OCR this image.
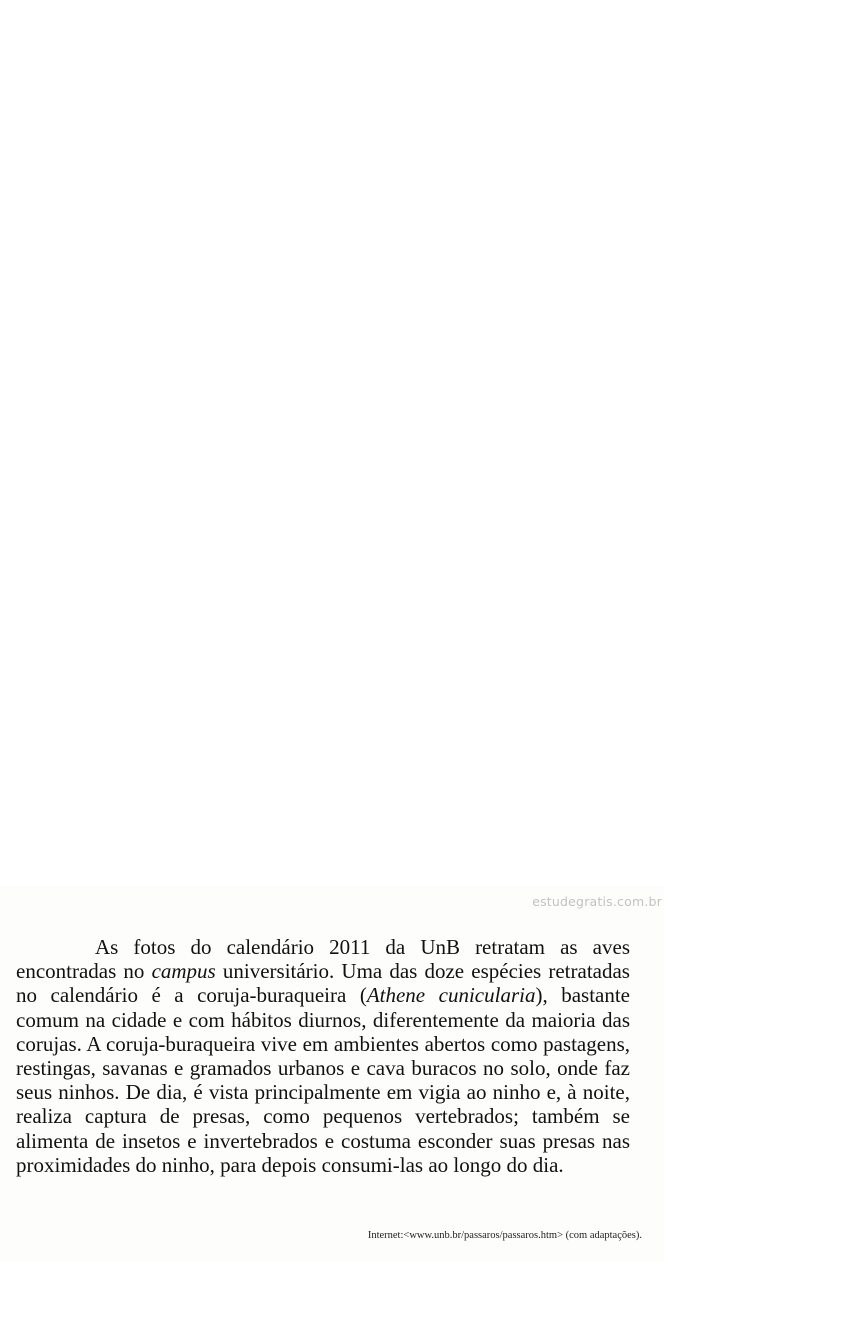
estudegratis.com.br

As fotos do calendário 2011 da UnB retratam as aves encontradas no campus universitário. Uma das doze espécies retratadas no calendário é a coruja-buraqueira (Athene cunicularia), bastante comum na cidade e com hábitos diurnos, diferentemente da maioria das corujas. A coruja-buraqueira vive em ambientes abertos como pastagens, restingas, savanas e gramados urbanos e cava buracos no solo, onde faz seus ninhos. De dia, é vista principalmente em vigia ao ninho e, à noite, realiza captura de presas, como pequenos vertebrados; também se alimenta de insetos e invertebrados e costuma esconder suas presas nas proximidades do ninho, para depois consumi-las ao longo do dia.

Internet:<www.unb.br/passaros/passaros.htm> (com adaptações).
